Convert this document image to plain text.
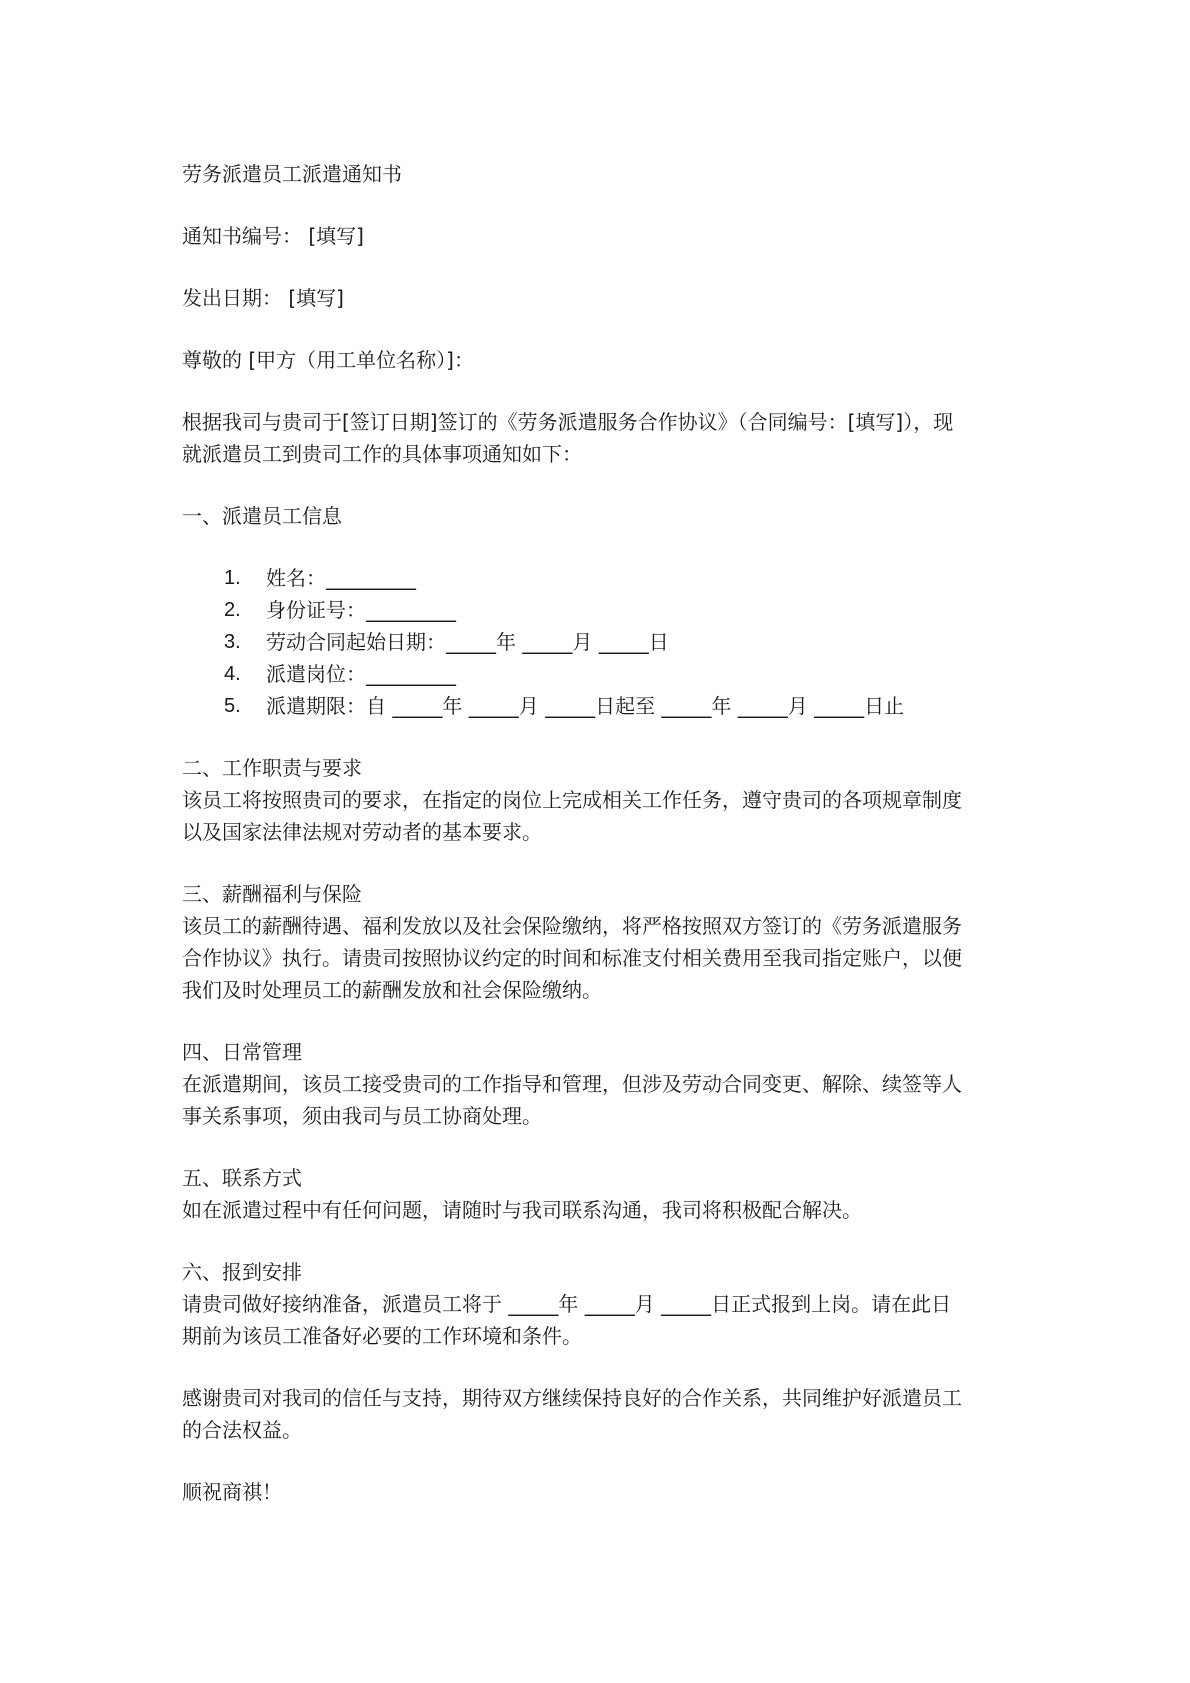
劳务派遣员工派遣通知书
通知书编号： [填写]
发出日期： [填写]
尊敬的 [甲方（用工单位名称）]：

根据我司与贵司于[签订日期]签订的《劳务派遣服务合作协议》（合同编号：[填写]），现

就派遣员工到贵司工作的具体事项通知如下：

一、派遣员工信息
1. 姓名：_________
2. 身份证号：_________
3. 劳动合同起始日期：_____年 _____月 _____日
4. 派遣岗位：_________
5. 派遣期限：自 _____年 _____月 _____日起至 _____年 _____月 _____日止

二、工作职责与要求

该员工将按照贵司的要求，在指定的岗位上完成相关工作任务，遵守贵司的各项规章制度

以及国家法律法规对劳动者的基本要求。

三、薪酬福利与保险

该员工的薪酬待遇、福利发放以及社会保险缴纳，将严格按照双方签订的《劳务派遣服务

合作协议》执行。请贵司按照协议约定的时间和标准支付相关费用至我司指定账户，以便

我们及时处理员工的薪酬发放和社会保险缴纳。

四、日常管理

在派遣期间，该员工接受贵司的工作指导和管理，但涉及劳动合同变更、解除、续签等人

事关系事项，须由我司与员工协商处理。

五、联系方式

如在派遣过程中有任何问题，请随时与我司联系沟通，我司将积极配合解决。

六、报到安排

请贵司做好接纳准备，派遣员工将于 _____年 _____月 _____日正式报到上岗。请在此日

期前为该员工准备好必要的工作环境和条件。

感谢贵司对我司的信任与支持，期待双方继续保持良好的合作关系，共同维护好派遣员工

的合法权益。

顺祝商祺！
